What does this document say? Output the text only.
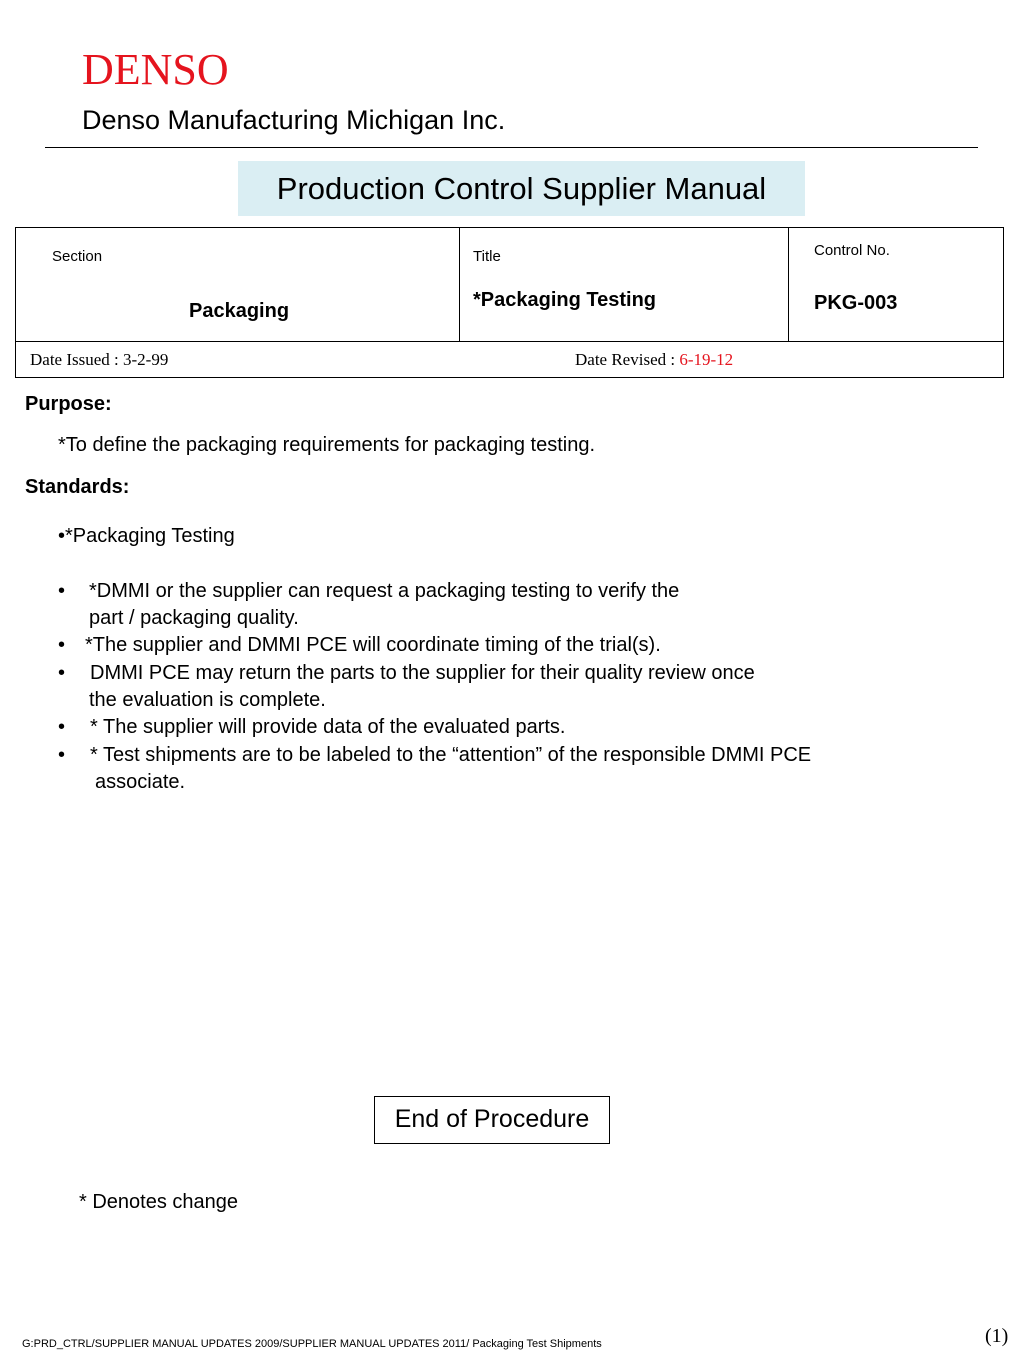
DENSO
Denso Manufacturing Michigan Inc.
Production Control Supplier Manual
Section
Packaging
Title
*Packaging Testing
Control No.
PKG-003
Date Issued : 3-2-99	Date Revised : 6-19-12
Purpose:
*To define the packaging requirements for packaging testing.
Standards:
•*Packaging Testing
• *DMMI or the supplier can request a packaging testing to verify the
part / packaging quality.
• *The supplier and DMMI PCE will coordinate timing of the trial(s).
• DMMI PCE may return the parts to the supplier for their quality review once
the evaluation is complete.
• * The supplier will provide data of the evaluated parts.
• * Test shipments are to be labeled to the “attention” of the responsible DMMI PCE
associate.
End of Procedure
* Denotes change
G:PRD_CTRL/SUPPLIER MANUAL UPDATES 2009/SUPPLIER MANUAL UPDATES 2011/ Packaging Test Shipments	(1)
